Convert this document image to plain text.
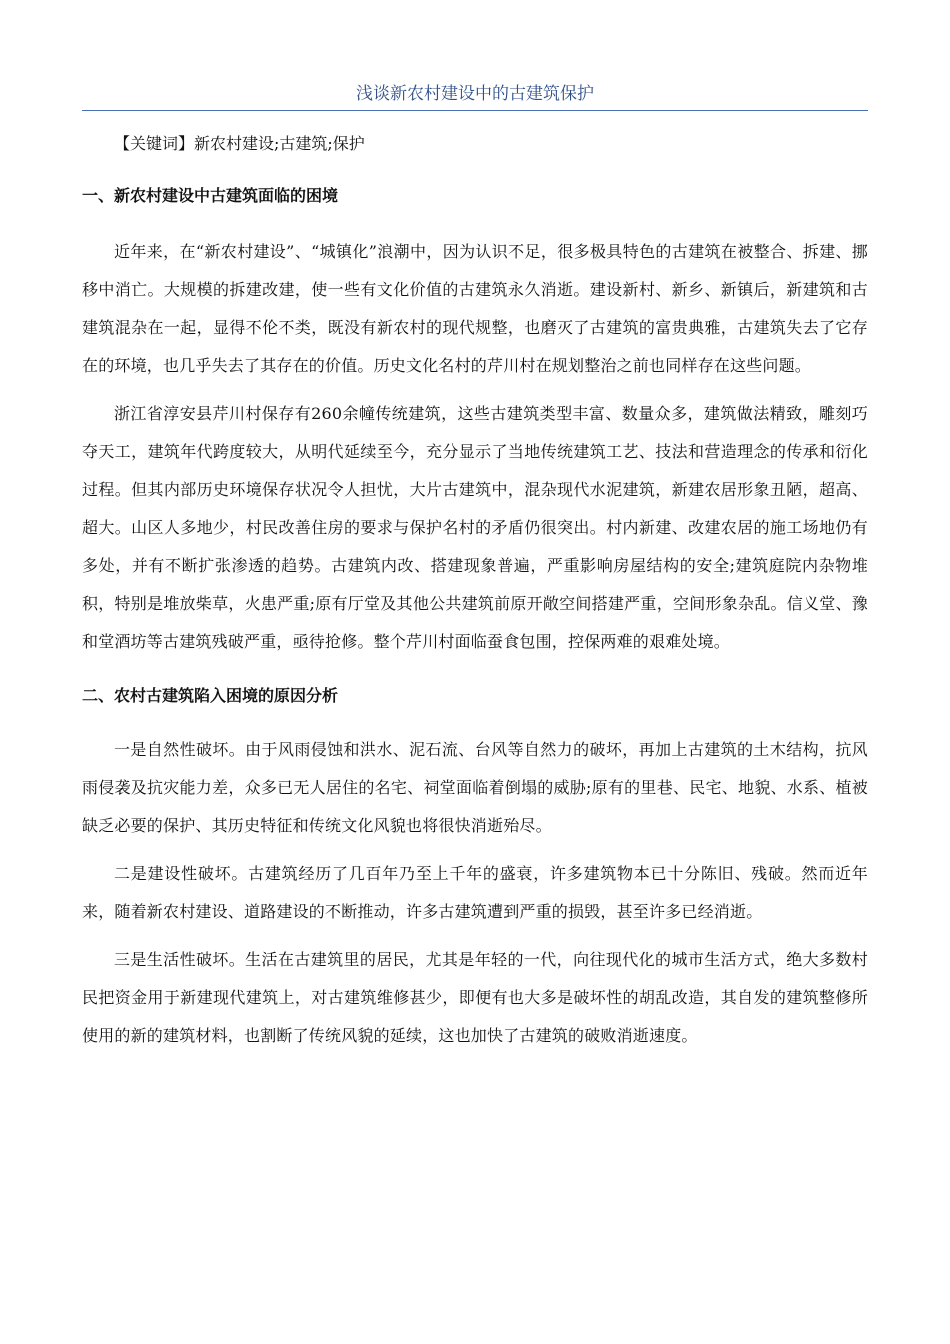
浅谈新农村建设中的古建筑保护

【关键词】新农村建设;古建筑;保护

一、新农村建设中古建筑面临的困境

近年来，在“新农村建设”、“城镇化”浪潮中，因为认识不足，很多极具特色的古建筑在被整合、拆建、挪移中消亡。大规模的拆建改建，使一些有文化价值的古建筑永久消逝。建设新村、新乡、新镇后，新建筑和古建筑混杂在一起，显得不伦不类，既没有新农村的现代规整，也磨灭了古建筑的富贵典雅，古建筑失去了它存在的环境，也几乎失去了其存在的价值。历史文化名村的芹川村在规划整治之前也同样存在这些问题。

浙江省淳安县芹川村保存有260余幢传统建筑，这些古建筑类型丰富、数量众多，建筑做法精致，雕刻巧夺天工，建筑年代跨度较大，从明代延续至今，充分显示了当地传统建筑工艺、技法和营造理念的传承和衍化过程。但其内部历史环境保存状况令人担忧，大片古建筑中，混杂现代水泥建筑，新建农居形象丑陋，超高、超大。山区人多地少，村民改善住房的要求与保护名村的矛盾仍很突出。村内新建、改建农居的施工场地仍有多处，并有不断扩张渗透的趋势。古建筑内改、搭建现象普遍，严重影响房屋结构的安全;建筑庭院内杂物堆积，特别是堆放柴草，火患严重;原有厅堂及其他公共建筑前原开敞空间搭建严重，空间形象杂乱。信义堂、豫和堂酒坊等古建筑残破严重，亟待抢修。整个芹川村面临蚕食包围，控保两难的艰难处境。

二、农村古建筑陷入困境的原因分析

一是自然性破坏。由于风雨侵蚀和洪水、泥石流、台风等自然力的破坏，再加上古建筑的土木结构，抗风雨侵袭及抗灾能力差，众多已无人居住的名宅、祠堂面临着倒塌的威胁;原有的里巷、民宅、地貌、水系、植被缺乏必要的保护、其历史特征和传统文化风貌也将很快消逝殆尽。

二是建设性破坏。古建筑经历了几百年乃至上千年的盛衰，许多建筑物本已十分陈旧、残破。然而近年来，随着新农村建设、道路建设的不断推动，许多古建筑遭到严重的损毁，甚至许多已经消逝。

三是生活性破坏。生活在古建筑里的居民，尤其是年轻的一代，向往现代化的城市生活方式，绝大多数村民把资金用于新建现代建筑上，对古建筑维修甚少，即便有也大多是破坏性的胡乱改造，其自发的建筑整修所使用的新的建筑材料，也割断了传统风貌的延续，这也加快了古建筑的破败消逝速度。
